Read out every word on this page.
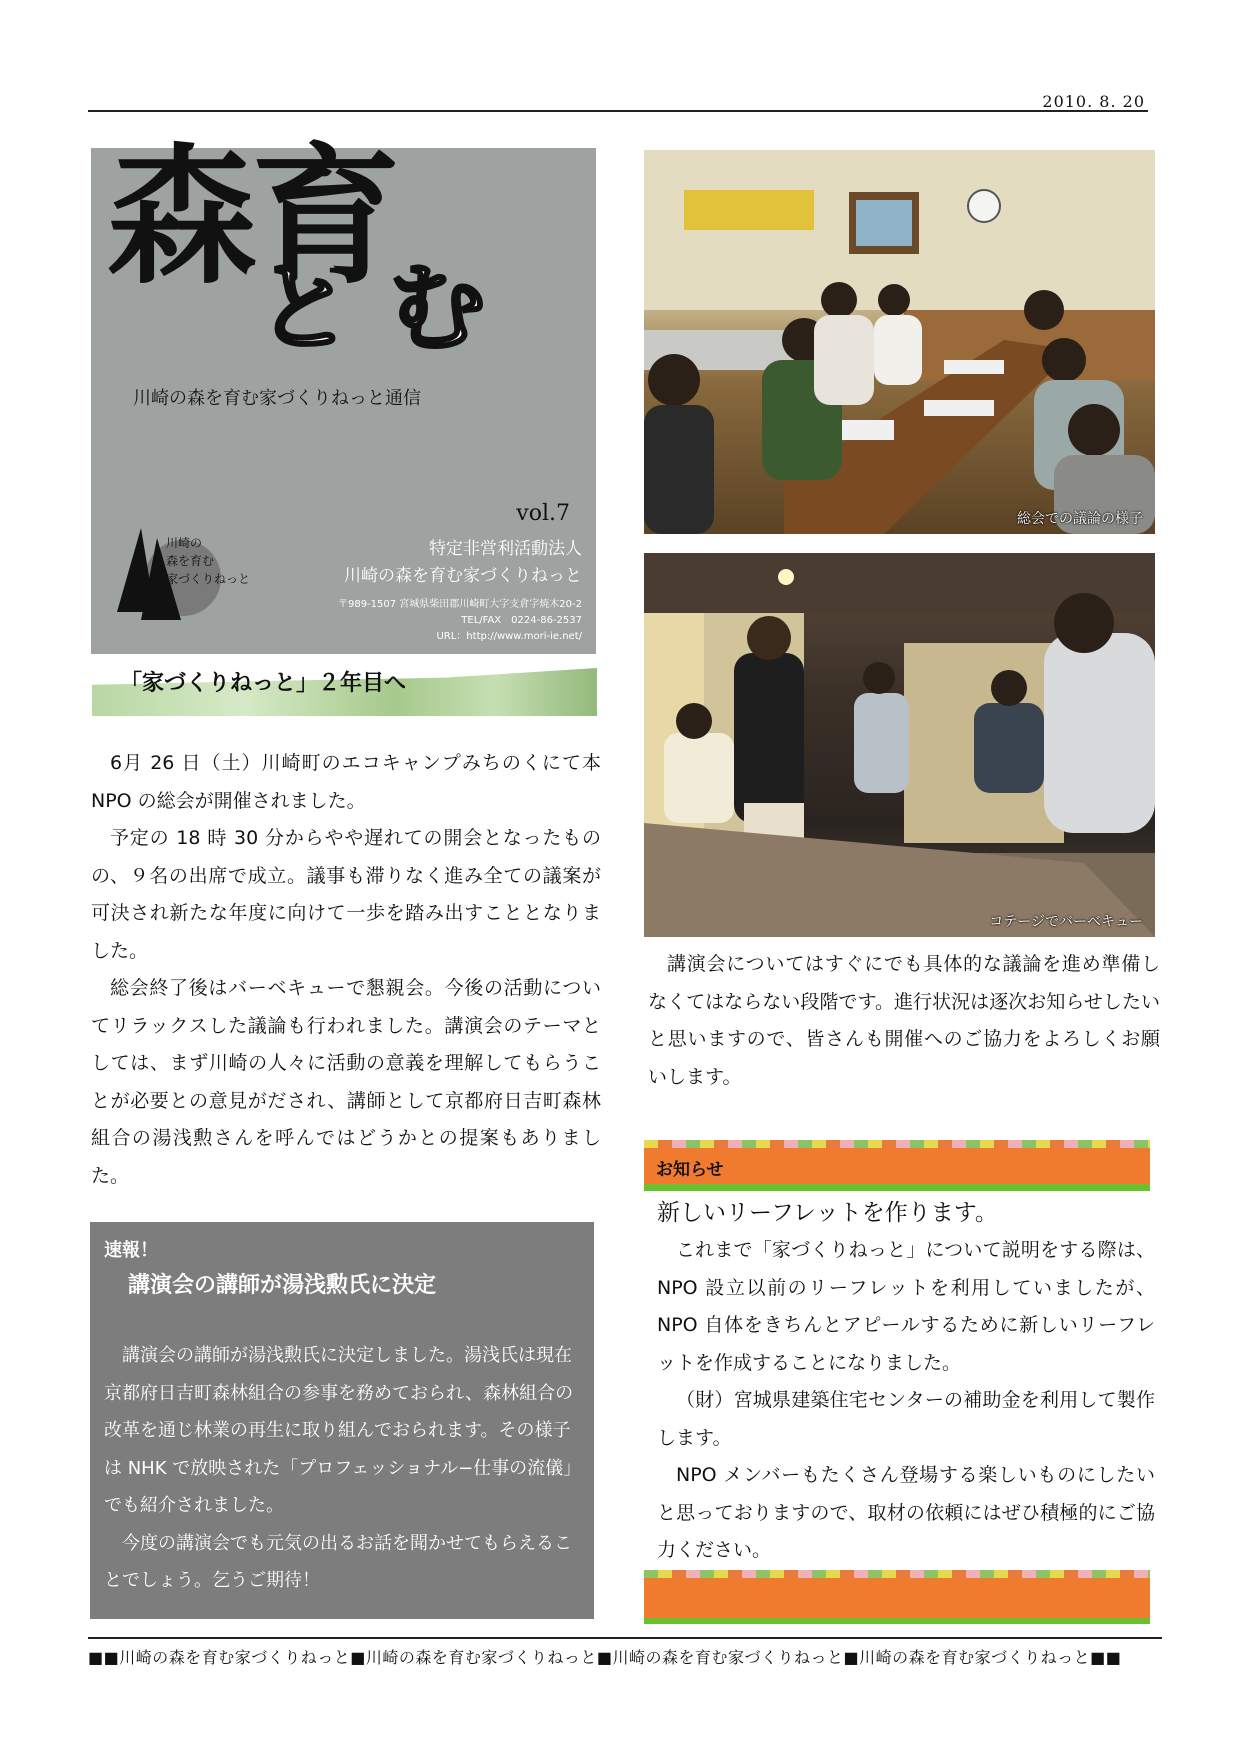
2010. 8. 20
森育
と む
川崎の森を育む家づくりねっと通信
vol.7
特定非営利活動法人
川崎の森を育む家づくりねっと
〒989-1507 宮城県柴田郡川崎町大字支倉字焼木20-2
TEL/FAX　0224-86-2537
URL：http://www.mori-ie.net/
川崎の
森を育む
家づくりねっと
「家づくりねっと」２年目へ

6月 26 日（土）川崎町のエコキャンプみちのくにて本 NPO の総会が開催されました。

予定の 18 時 30 分からやや遅れての開会となったものの、９名の出席で成立。議事も滞りなく進み全ての議案が可決され新たな年度に向けて一歩を踏み出すこととなりました。

総会終了後はバーベキューで懇親会。今後の活動についてリラックスした議論も行われました。講演会のテーマとしては、まず川崎の人々に活動の意義を理解してもらうことが必要との意見がだされ、講師として京都府日吉町森林組合の湯浅勲さんを呼んではどうかとの提案もありました。

総会での議論の様子
コテージでバーベキュー

講演会についてはすぐにでも具体的な議論を進め準備しなくてはならない段階です。進行状況は逐次お知らせしたいと思いますので、皆さんも開催へのご協力をよろしくお願いします。

速報！
講演会の講師が湯浅勲氏に決定

講演会の講師が湯浅勲氏に決定しました。湯浅氏は現在京都府日吉町森林組合の参事を務めておられ、森林組合の改革を通じ林業の再生に取り組んでおられます。その様子は NHK で放映された「プロフェッショナル−仕事の流儀」でも紹介されました。

今度の講演会でも元気の出るお話を聞かせてもらえることでしょう。乞うご期待！

お知らせ
新しいリーフレットを作ります。

これまで「家づくりねっと」について説明をする際は、NPO 設立以前のリーフレットを利用していましたが、NPO 自体をきちんとアピールするために新しいリーフレットを作成することになりました。

（財）宮城県建築住宅センターの補助金を利用して製作します。

NPO メンバーもたくさん登場する楽しいものにしたいと思っておりますので、取材の依頼にはぜひ積極的にご協力ください。

■■川崎の森を育む家づくりねっと■川崎の森を育む家づくりねっと■川崎の森を育む家づくりねっと■川崎の森を育む家づくりねっと■■
